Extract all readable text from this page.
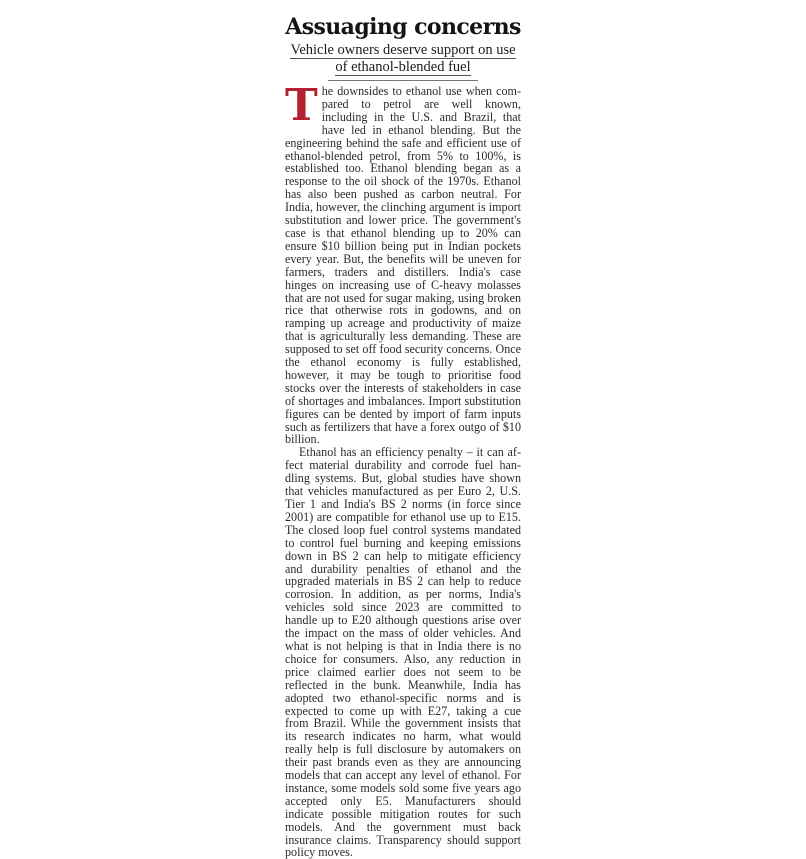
Assuaging concerns
Vehicle owners deserve support on use
of ethanol-blended fuel

The downsides to ethanol use when compared to petrol are well known, including in the U.S. and Brazil, that have led in ethanol blending. But the engineering behind the safe and efficient use of ethanol-blended petrol, from 5% to 100%, is established too. Ethanol blending began as a response to the oil shock of the 1970s. Ethanol has also been pushed as carbon neutral. For India, however, the clinching argument is import substitution and lower price. The government's case is that ethanol blending up to 20% can ensure $10 billion being put in Indian pockets every year. But, the benefits will be uneven for farmers, traders and distillers. India's case hinges on increasing use of C-heavy molasses that are not used for sugar making, using broken rice that otherwise rots in godowns, and on ramping up acreage and productivity of maize that is agriculturally less demanding. These are supposed to set off food security concerns. Once the ethanol economy is fully established, however, it may be tough to prioritise food stocks over the interests of stakeholders in case of shortages and imbalances. Import substitution figures can be dented by import of farm inputs such as fertilizers that have a forex outgo of $10 billion.

Ethanol has an efficiency penalty – it can affect material durability and corrode fuel handling systems. But, global studies have shown that vehicles manufactured as per Euro 2, U.S. Tier 1 and India's BS 2 norms (in force since 2001) are compatible for ethanol use up to E15. The closed loop fuel control systems mandated to control fuel burning and keeping emissions down in BS 2 can help to mitigate efficiency and durability penalties of ethanol and the upgraded materials in BS 2 can help to reduce corrosion. In addition, as per norms, India's vehicles sold since 2023 are committed to handle up to E20 although questions arise over the impact on the mass of older vehicles. And what is not helping is that in India there is no choice for consumers. Also, any reduction in price claimed earlier does not seem to be reflected in the bunk. Meanwhile, India has adopted two ethanol-specific norms and is expected to come up with E27, taking a cue from Brazil. While the government insists that its research indicates no harm, what would really help is full disclosure by automakers on their past brands even as they are announcing models that can accept any level of ethanol. For instance, some models sold some five years ago accepted only E5. Manufacturers should indicate possible mitigation routes for such models. And the government must back insurance claims. Transparency should support policy moves.
